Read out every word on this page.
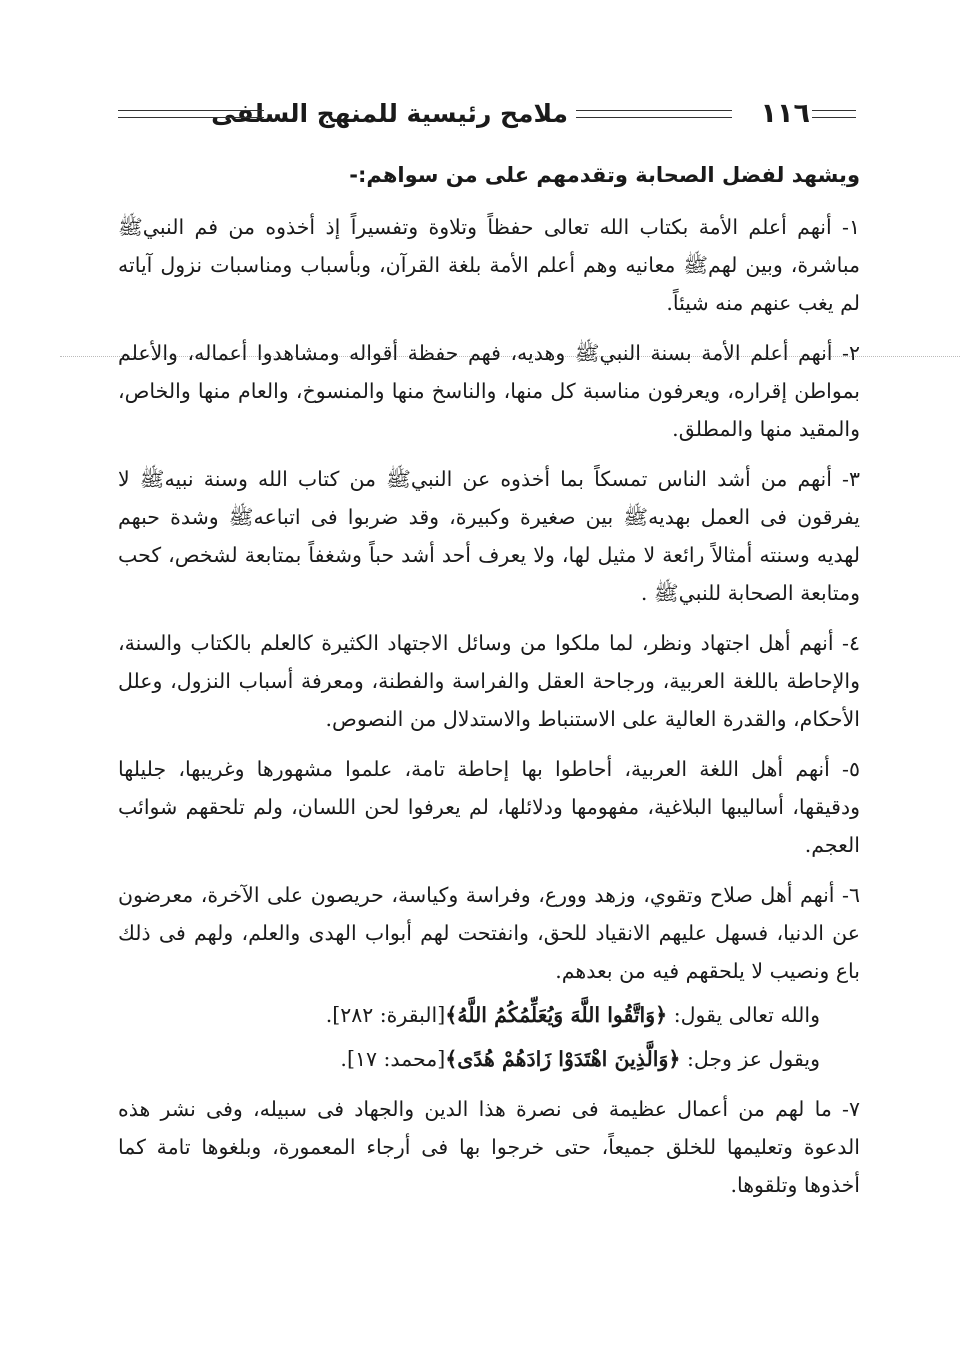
١١٦
ملامح رئيسية للمنهج السلفى

ويشهد لفضل الصحابة وتقدمهم على من سواهم:-

١- أنهم أعلم الأمة بكتاب الله تعالى حفظاً وتلاوة وتفسيراً إذ أخذوه من فم النبيﷺ مباشرة، وبين لهمﷺ معانيه وهم أعلم الأمة بلغة القرآن، وبأسباب ومناسبات نزول آياته لم يغب عنهم منه شيئاً.

٢- أنهم أعلم الأمة بسنة النبيﷺ وهديه، فهم حفظة أقواله ومشاهدوا أعماله، والأعلم بمواطن إقراره، ويعرفون مناسبة كل منها، والناسخ منها والمنسوخ، والعام منها والخاص، والمقيد منها والمطلق.

٣- أنهم من أشد الناس تمسكاً بما أخذوه عن النبيﷺ من كتاب الله وسنة نبيهﷺ لا يفرقون فى العمل بهديهﷺ بين صغيرة وكبيرة، وقد ضربوا فى اتباعهﷺ وشدة حبهم لهديه وسنته أمثالاً رائعة لا مثيل لها، ولا يعرف أحد أشد حباً وشغفاً بمتابعة لشخص، كحب ومتابعة الصحابة للنبيﷺ .

٤- أنهم أهل اجتهاد ونظر، لما ملكوا من وسائل الاجتهاد الكثيرة كالعلم بالكتاب والسنة، والإحاطة باللغة العربية، ورجاحة العقل والفراسة والفطنة، ومعرفة أسباب النزول، وعلل الأحكام، والقدرة العالية على الاستنباط والاستدلال من النصوص.

٥- أنهم أهل اللغة العربية، أحاطوا بها إحاطة تامة، علموا مشهورها وغريبها، جليلها ودقيقها، أساليبها البلاغية، مفهومها ودلائلها، لم يعرفوا لحن اللسان، ولم تلحقهم شوائب العجم.

٦- أنهم أهل صلاح وتقوي، وزهد وورع، وفراسة وكياسة، حريصون على الآخرة، معرضون عن الدنيا، فسهل عليهم الانقياد للحق، وانفتحت لهم أبواب الهدى والعلم، ولهم فى ذلك باع ونصيب لا يلحقهم فيه من بعدهم.

والله تعالى يقول: ﴿وَاتَّقُوا اللَّهَ وَيُعَلِّمُكُمُ اللَّهُ﴾[البقرة: ٢٨٢].

ويقول عز وجل: ﴿وَالَّذِينَ اهْتَدَوْا زَادَهُمْ هُدًى﴾[محمد: ١٧].

٧- ما لهم من أعمال عظيمة فى نصرة هذا الدين والجهاد فى سبيله، وفى نشر هذه الدعوة وتعليمها للخلق جميعاً، حتى خرجوا بها فى أرجاء المعمورة، وبلغوها تامة كما أخذوها وتلقوها.
